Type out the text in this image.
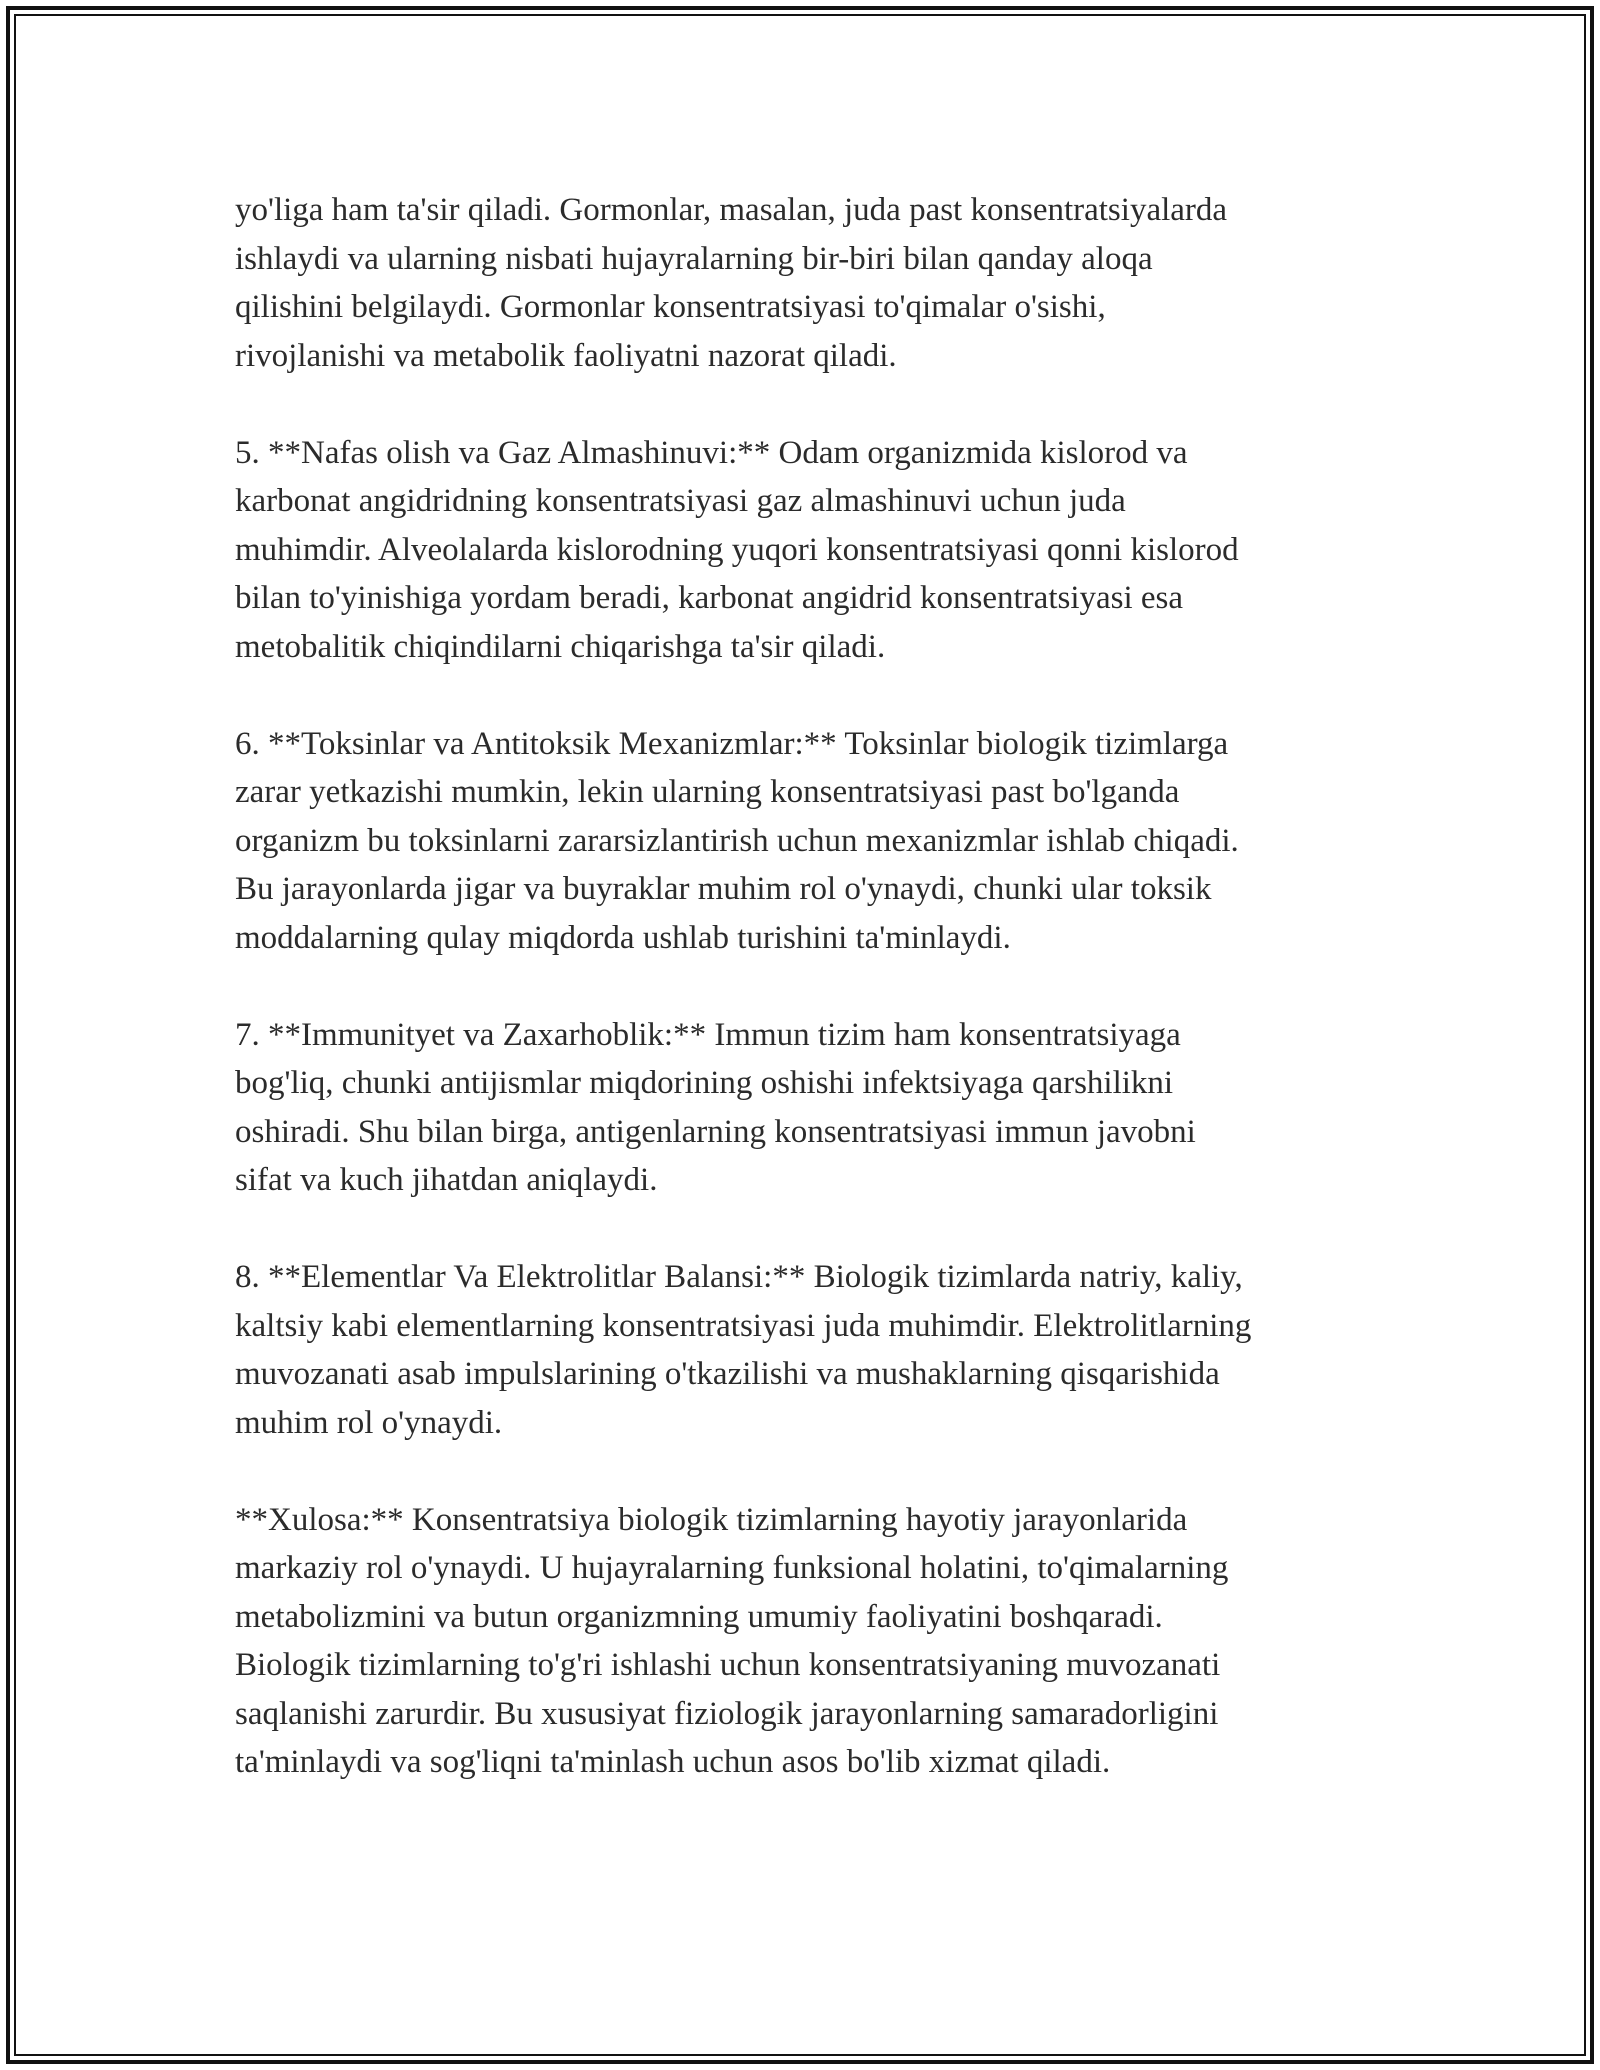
yo'liga ham ta'sir qiladi. Gormonlar, masalan, juda past konsentratsiyalarda
ishlaydi va ularning nisbati hujayralarning bir-biri bilan qanday aloqa
qilishini belgilaydi. Gormonlar konsentratsiyasi to'qimalar o'sishi,
rivojlanishi va metabolik faoliyatni nazorat qiladi.

5. **Nafas olish va Gaz Almashinuvi:** Odam organizmida kislorod va
karbonat angidridning konsentratsiyasi gaz almashinuvi uchun juda
muhimdir. Alveolalarda kislorodning yuqori konsentratsiyasi qonni kislorod
bilan to'yinishiga yordam beradi, karbonat angidrid konsentratsiyasi esa
metobalitik chiqindilarni chiqarishga ta'sir qiladi.

6. **Toksinlar va Antitoksik Mexanizmlar:** Toksinlar biologik tizimlarga
zarar yetkazishi mumkin, lekin ularning konsentratsiyasi past bo'lganda
organizm bu toksinlarni zararsizlantirish uchun mexanizmlar ishlab chiqadi.
Bu jarayonlarda jigar va buyraklar muhim rol o'ynaydi, chunki ular toksik
moddalarning qulay miqdorda ushlab turishini ta'minlaydi.

7. **Immunityet va Zaxarhoblik:** Immun tizim ham konsentratsiyaga
bog'liq, chunki antijismlar miqdorining oshishi infektsiyaga qarshilikni
oshiradi. Shu bilan birga, antigenlarning konsentratsiyasi immun javobni
sifat va kuch jihatdan aniqlaydi.

8. **Elementlar Va Elektrolitlar Balansi:** Biologik tizimlarda natriy, kaliy,
kaltsiy kabi elementlarning konsentratsiyasi juda muhimdir. Elektrolitlarning
muvozanati asab impulslarining o'tkazilishi va mushaklarning qisqarishida
muhim rol o'ynaydi.

**Xulosa:** Konsentratsiya biologik tizimlarning hayotiy jarayonlarida
markaziy rol o'ynaydi. U hujayralarning funksional holatini, to'qimalarning
metabolizmini va butun organizmning umumiy faoliyatini boshqaradi.
Biologik tizimlarning to'g'ri ishlashi uchun konsentratsiyaning muvozanati
saqlanishi zarurdir. Bu xususiyat fiziologik jarayonlarning samaradorligini
ta'minlaydi va sog'liqni ta'minlash uchun asos bo'lib xizmat qiladi.
